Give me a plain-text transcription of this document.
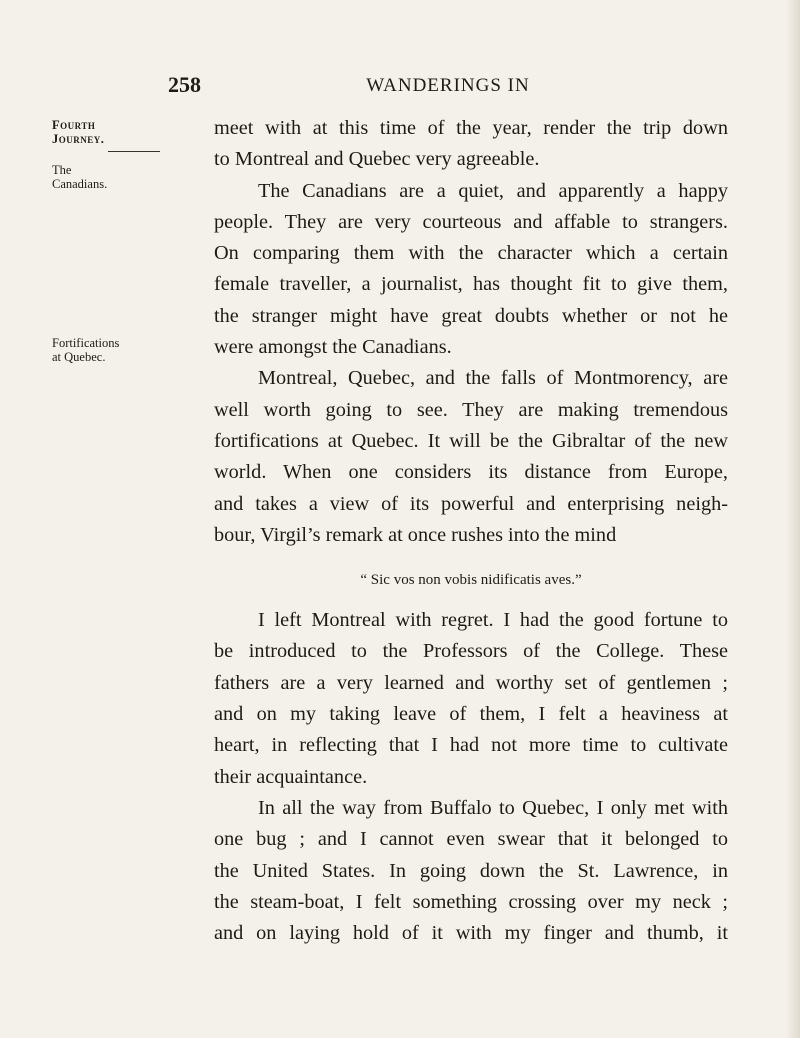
258	WANDERINGS IN
Fourth Journey.
The Canadians.
Fortifications at Quebec.
meet with at this time of the year, render the trip down
to Montreal and Quebec very agreeable.
The Canadians are a quiet, and apparently a happy
people. They are very courteous and affable to strangers.
On comparing them with the character which a certain
female traveller, a journalist, has thought fit to give them,
the stranger might have great doubts whether or not he
were amongst the Canadians.
Montreal, Quebec, and the falls of Montmorency, are
well worth going to see. They are making tremendous
fortifications at Quebec. It will be the Gibraltar of the new
world. When one considers its distance from Europe,
and takes a view of its powerful and enterprising neigh-
bour, Virgil’s remark at once rushes into the mind
“ Sic vos non vobis nidificatis aves.”
I left Montreal with regret. I had the good fortune to
be introduced to the Professors of the College. These
fathers are a very learned and worthy set of gentlemen ;
and on my taking leave of them, I felt a heaviness at
heart, in reflecting that I had not more time to cultivate
their acquaintance.
In all the way from Buffalo to Quebec, I only met with
one bug ; and I cannot even swear that it belonged to
the United States. In going down the St. Lawrence, in
the steam-boat, I felt something crossing over my neck ;
and on laying hold of it with my finger and thumb, it
